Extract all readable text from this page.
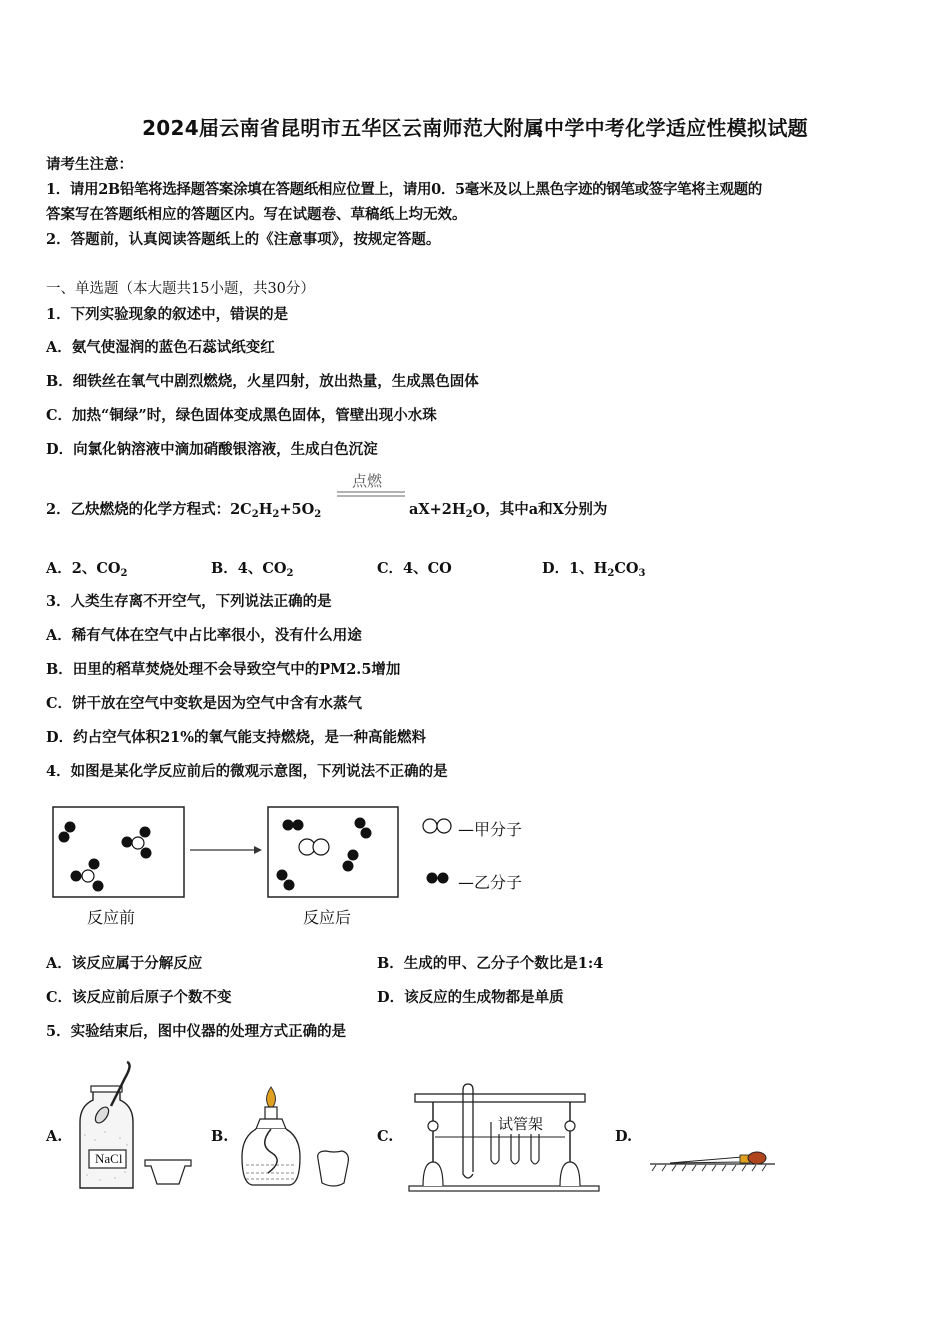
2024届云南省昆明市五华区云南师范大附属中学中考化学适应性模拟试题
请考生注意：
1．请用2B铅笔将选择题答案涂填在答题纸相应位置上，请用0．5毫米及以上黑色字迹的钢笔或签字笔将主观题的
答案写在答题纸相应的答题区内。写在试题卷、草稿纸上均无效。
2．答题前，认真阅读答题纸上的《注意事项》，按规定答题。
一、单选题（本大题共15小题，共30分）
1．下列实验现象的叙述中，错误的是
A．氨气使湿润的蓝色石蕊试纸变红
B．细铁丝在氧气中剧烈燃烧，火星四射，放出热量，生成黑色固体
C．加热“铜绿”时，绿色固体变成黑色固体，管壁出现小水珠
D．向氯化钠溶液中滴加硝酸银溶液，生成白色沉淀
2．乙炔燃烧的化学方程式：$2C_2H_2+5O_2$
点燃
$aX+2H_2O$，其中a和X分别为
A．2、$CO_2$	B．4、$CO_2$	C．4、CO	D．1、$H_2CO_3$
3．人类生存离不开空气，下列说法正确的是
A．稀有气体在空气中占比率很小，没有什么用途
B．田里的稻草焚烧处理不会导致空气中的PM2.5增加
C．饼干放在空气中变软是因为空气中含有水蒸气
D．约占空气体积21%的氧气能支持燃烧，是一种高能燃料
4．如图是某化学反应前后的微观示意图，下列说法不正确的是
—甲分子
—乙分子
反应前	反应后
A．该反应属于分解反应	B．生成的甲、乙分子个数比是1:4
C．该反应前后原子个数不变	D．该反应的生成物都是单质
5．实验结束后，图中仪器的处理方式正确的是
A.	B.	C.	D.
NaCl
试管架
